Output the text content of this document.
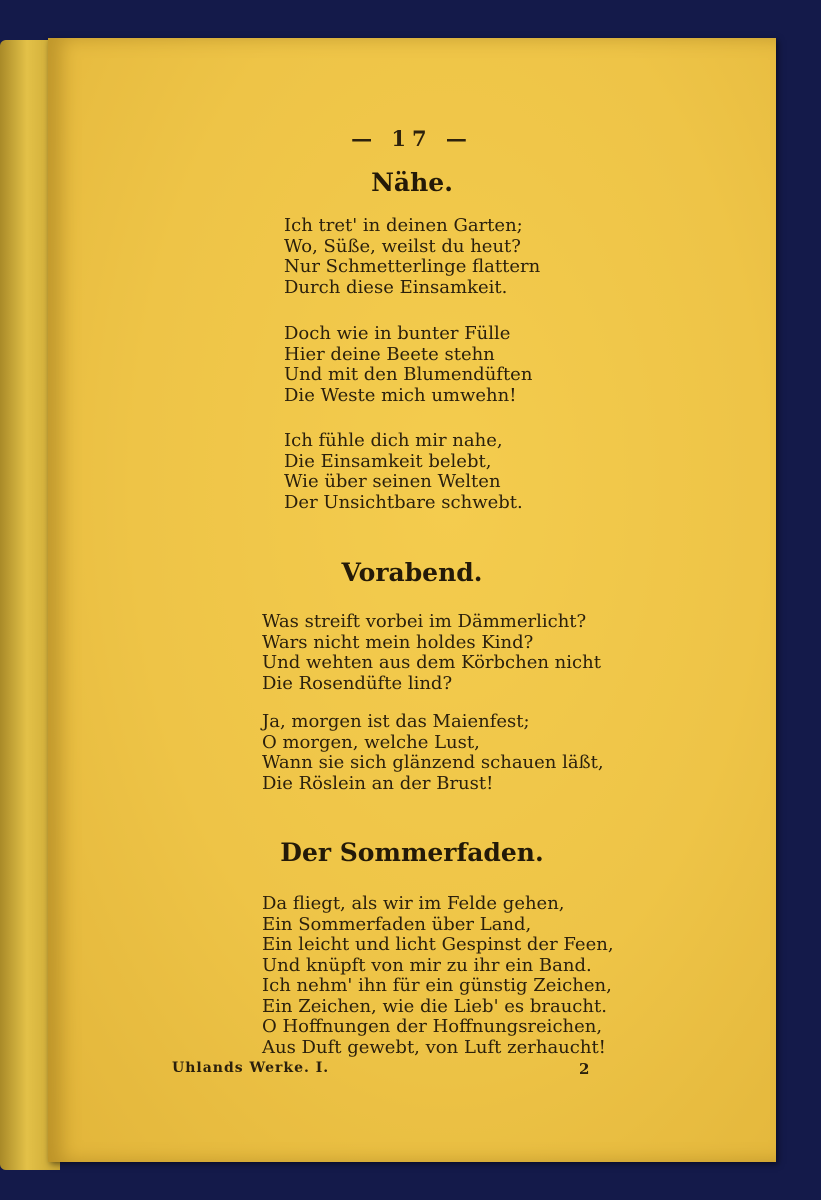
— 17 —
Nähe.
Ich tret' in deinen Garten;
Wo, Süße, weilst du heut?
Nur Schmetterlinge flattern
Durch diese Einsamkeit.
Doch wie in bunter Fülle
Hier deine Beete stehn
Und mit den Blumendüften
Die Weste mich umwehn!
Ich fühle dich mir nahe,
Die Einsamkeit belebt,
Wie über seinen Welten
Der Unsichtbare schwebt.
Vorabend.
Was streift vorbei im Dämmerlicht?
Wars nicht mein holdes Kind?
Und wehten aus dem Körbchen nicht
Die Rosendüfte lind?
Ja, morgen ist das Maienfest;
O morgen, welche Lust,
Wann sie sich glänzend schauen läßt,
Die Röslein an der Brust!
Der Sommerfaden.
Da fliegt, als wir im Felde gehen,
Ein Sommerfaden über Land,
Ein leicht und licht Gespinst der Feen,
Und knüpft von mir zu ihr ein Band.
Ich nehm' ihn für ein günstig Zeichen,
Ein Zeichen, wie die Lieb' es braucht.
O Hoffnungen der Hoffnungsreichen,
Aus Duft gewebt, von Luft zerhaucht!
Uhlands Werke. I.	2
